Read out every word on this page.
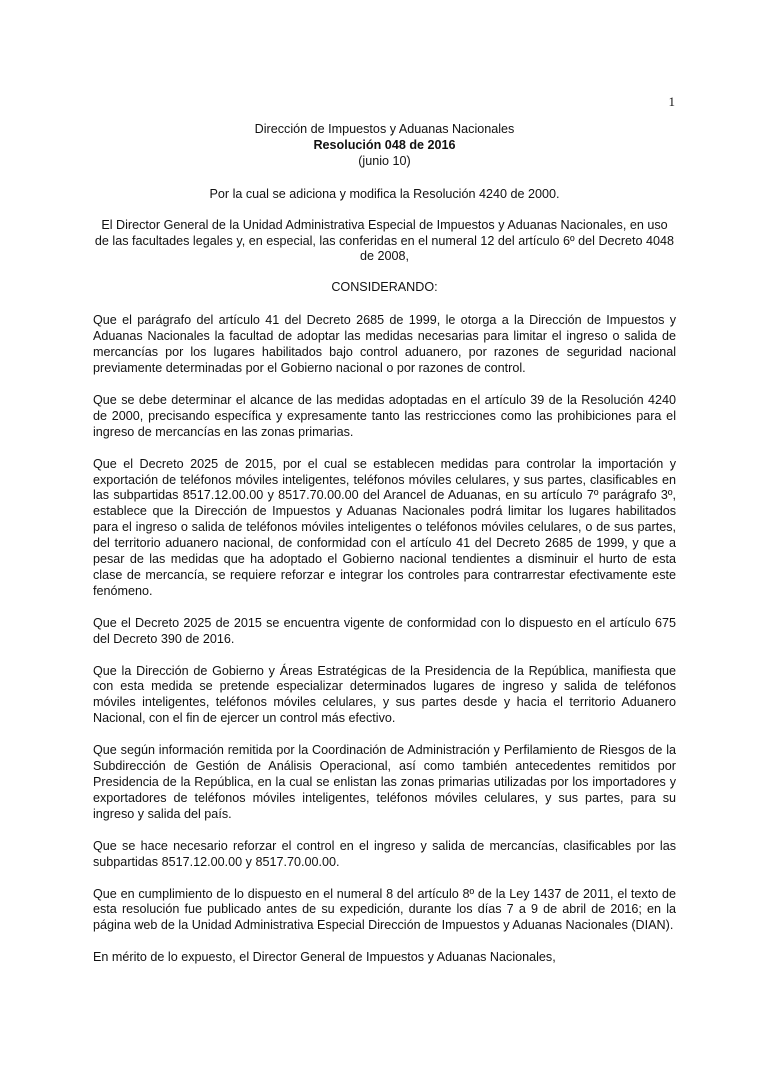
1
Dirección de Impuestos y Aduanas Nacionales
Resolución 048 de 2016
(junio 10)
Por la cual se adiciona y modifica la Resolución 4240 de 2000.
El Director General de la Unidad Administrativa Especial de Impuestos y Aduanas Nacionales, en uso de las facultades legales y, en especial, las conferidas en el numeral 12 del artículo 6º del Decreto 4048 de 2008,
CONSIDERANDO:

Que el parágrafo del artículo 41 del Decreto 2685 de 1999, le otorga a la Dirección de Impuestos y Aduanas Nacionales la facultad de adoptar las medidas necesarias para limitar el ingreso o salida de mercancías por los lugares habilitados bajo control aduanero, por razones de seguridad nacional previamente determinadas por el Gobierno nacional o por razones de control.

Que se debe determinar el alcance de las medidas adoptadas en el artículo 39 de la Resolución 4240 de 2000, precisando específica y expresamente tanto las restricciones como las prohibiciones para el ingreso de mercancías en las zonas primarias.

Que el Decreto 2025 de 2015, por el cual se establecen medidas para controlar la importación y exportación de teléfonos móviles inteligentes, teléfonos móviles celulares, y sus partes, clasificables en las subpartidas 8517.12.00.00 y 8517.70.00.00 del Arancel de Aduanas, en su artículo 7º parágrafo 3º, establece que la Dirección de Impuestos y Aduanas Nacionales podrá limitar los lugares habilitados para el ingreso o salida de teléfonos móviles inteligentes o teléfonos móviles celulares, o de sus partes, del territorio aduanero nacional, de conformidad con el artículo 41 del Decreto 2685 de 1999, y que a pesar de las medidas que ha adoptado el Gobierno nacional tendientes a disminuir el hurto de esta clase de mercancía, se requiere reforzar e integrar los controles para contrarrestar efectivamente este fenómeno.

Que el Decreto 2025 de 2015 se encuentra vigente de conformidad con lo dispuesto en el artículo 675 del Decreto 390 de 2016.

Que la Dirección de Gobierno y Áreas Estratégicas de la Presidencia de la República, manifiesta que con esta medida se pretende especializar determinados lugares de ingreso y salida de teléfonos móviles inteligentes, teléfonos móviles celulares, y sus partes desde y hacia el territorio Aduanero Nacional, con el fin de ejercer un control más efectivo.

Que según información remitida por la Coordinación de Administración y Perfilamiento de Riesgos de la Subdirección de Gestión de Análisis Operacional, así como también antecedentes remitidos por Presidencia de la República, en la cual se enlistan las zonas primarias utilizadas por los importadores y exportadores de teléfonos móviles inteligentes, teléfonos móviles celulares, y sus partes, para su ingreso y salida del país.

Que se hace necesario reforzar el control en el ingreso y salida de mercancías, clasificables por las subpartidas 8517.12.00.00 y 8517.70.00.00.

Que en cumplimiento de lo dispuesto en el numeral 8 del artículo 8º de la Ley 1437 de 2011, el texto de esta resolución fue publicado antes de su expedición, durante los días 7 a 9 de abril de 2016; en la página web de la Unidad Administrativa Especial Dirección de Impuestos y Aduanas Nacionales (DIAN).

En mérito de lo expuesto, el Director General de Impuestos y Aduanas Nacionales,
